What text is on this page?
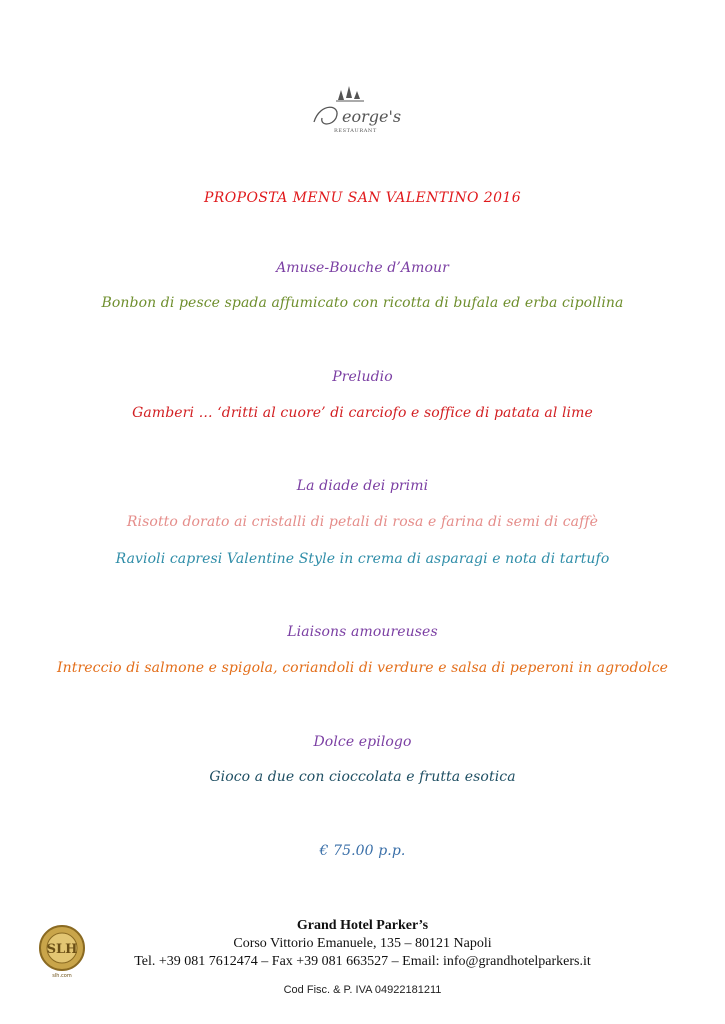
eorge's
RESTAURANT
PROPOSTA MENU SAN VALENTINO 2016
Amuse-Bouche d’Amour
Bonbon di pesce spada affumicato con ricotta di bufala ed erba cipollina
Preludio
Gamberi … ‘dritti al cuore’ di carciofo e soffice di patata al lime
La diade dei primi
Risotto dorato ai cristalli di petali di rosa e farina di semi di caffè
Ravioli capresi Valentine Style in crema di asparagi e nota di tartufo
Liaisons amoureuses
Intreccio di salmone e spigola, coriandoli di verdure e salsa di peperoni in agrodolce
Dolce epilogo
Gioco a due con cioccolata e frutta esotica
€ 75.00 p.p.
SLH
slh.com
Grand Hotel Parker’s
Corso Vittorio Emanuele, 135 – 80121 Napoli
Tel. +39 081 7612474 – Fax +39 081 663527 – Email: info@grandhotelparkers.it
Cod Fisc. & P. IVA 04922181211
